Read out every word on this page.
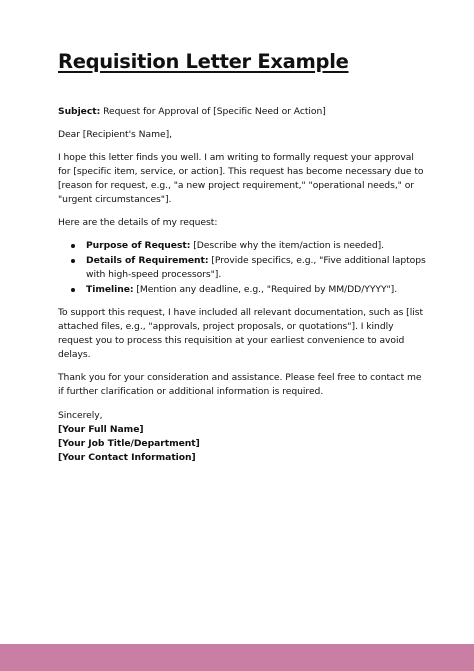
Requisition Letter Example

Subject: Request for Approval of [Specific Need or Action]

Dear [Recipient's Name],

I hope this letter finds you well. I am writing to formally request your approval for [specific item, service, or action]. This request has become necessary due to [reason for request, e.g., "a new project requirement," "operational needs," or "urgent circumstances"].

Here are the details of my request:

Purpose of Request: [Describe why the item/action is needed].
Details of Requirement: [Provide specifics, e.g., "Five additional laptops with high-speed processors"].
Timeline: [Mention any deadline, e.g., "Required by MM/DD/YYYY"].

To support this request, I have included all relevant documentation, such as [list attached files, e.g., "approvals, project proposals, or quotations"]. I kindly request you to process this requisition at your earliest convenience to avoid delays.

Thank you for your consideration and assistance. Please feel free to contact me if further clarification or additional information is required.

Sincerely,
[Your Full Name]
[Your Job Title/Department]
[Your Contact Information]
